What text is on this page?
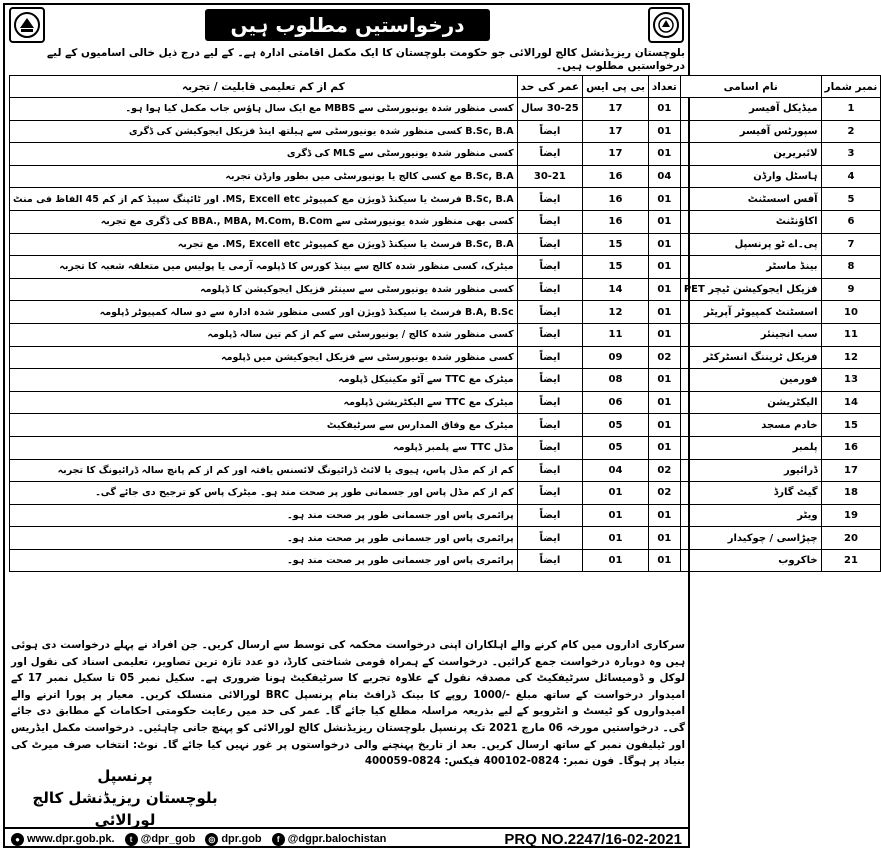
درخواستیں مطلوب ہیں
بلوچستان ریزیڈنشل کالج لورالائی جو حکومت بلوچستان کا ایک مکمل اقامتی ادارہ ہے۔ کے لیے درج ذیل خالی اسامیوں کے لیے درخواستیں مطلوب ہیں۔
نمبر شمار	نام اسامی	تعداد	بی پی ایس	عمر کی حد	کم از کم تعلیمی قابلیت / تجربہ
1	میڈیکل آفیسر	01	17	30-25 سال	کسی منظور شدہ یونیورسٹی سے MBBS مع ایک سال ہاؤس جاب مکمل کیا ہوا ہو۔
2	سپورٹس آفیسر	01	17	ایضاً	B.Sc, B.A کسی منظور شدہ یونیورسٹی سے ہیلتھ اینڈ فزیکل ایجوکیشن کی ڈگری
3	لائبریرین	01	17	ایضاً	کسی منظور شدہ یونیورسٹی سے MLS کی ڈگری
4	ہاسٹل وارڈن	04	16	30-21	B.Sc, B.A مع کسی کالج یا یونیورسٹی میں بطور وارڈن تجربہ
5	آفس اسسٹنٹ	01	16	ایضاً	B.Sc, B.A فرسٹ یا سیکنڈ ڈویژن مع کمپیوٹر MS, Excell etc. اور ٹائپنگ سپیڈ کم از کم 45 الفاظ فی منٹ
6	اکاؤنٹنٹ	01	16	ایضاً	کسی بھی منظور شدہ یونیورسٹی سے BBA., MBA, M.Com, B.Com کی ڈگری مع تجربہ
7	پی۔اے ٹو پرنسپل	01	15	ایضاً	B.Sc, B.A فرسٹ یا سیکنڈ ڈویژن مع کمپیوٹر MS, Excell etc. مع تجربہ
8	بینڈ ماسٹر	01	15	ایضاً	میٹرک، کسی منظور شدہ کالج سے بینڈ کورس کا ڈپلومہ آرمی یا پولیس میں متعلقہ شعبہ کا تجربہ
9	فزیکل ایجوکیشن ٹیچر PET	01	14	ایضاً	کسی منظور شدہ یونیورسٹی سے سینئر فزیکل ایجوکیشن کا ڈپلومہ
10	اسسٹنٹ کمپیوٹر آپریٹر	01	12	ایضاً	B.A, B.Sc فرسٹ یا سیکنڈ ڈویژن اور کسی منظور شدہ ادارہ سے دو سالہ کمپیوٹر ڈپلومہ
11	سب انجینئر	01	11	ایضاً	کسی منظور شدہ کالج / یونیورسٹی سے کم از کم تین سالہ ڈپلومہ
12	فزیکل ٹریننگ انسٹرکٹر	02	09	ایضاً	کسی منظور شدہ یونیورسٹی سے فزیکل ایجوکیشن میں ڈپلومہ
13	فورمین	01	08	ایضاً	میٹرک مع TTC سے آٹو مکینیکل ڈپلومہ
14	الیکٹریشن	01	06	ایضاً	میٹرک مع TTC سے الیکٹریشن ڈپلومہ
15	خادم مسجد	01	05	ایضاً	میٹرک مع وفاق المدارس سے سرٹیفکیٹ
16	پلمبر	01	05	ایضاً	مڈل TTC سے پلمبر ڈپلومہ
17	ڈرائیور	02	04	ایضاً	کم از کم مڈل پاس، ہیوی یا لائٹ ڈرائیونگ لائسنس یافتہ اور کم از کم پانچ سالہ ڈرائیونگ کا تجربہ
18	گیٹ گارڈ	02	01	ایضاً	کم از کم مڈل پاس اور جسمانی طور پر صحت مند ہو۔ میٹرک پاس کو ترجیح دی جائے گی۔
19	ویٹر	01	01	ایضاً	پرائمری پاس اور جسمانی طور پر صحت مند ہو۔
20	چپڑاسی / چوکیدار	01	01	ایضاً	پرائمری پاس اور جسمانی طور پر صحت مند ہو۔
21	خاکروب	01	01	ایضاً	پرائمری پاس اور جسمانی طور پر صحت مند ہو۔
سرکاری اداروں میں کام کرنے والے اہلکاران اپنی درخواست محکمہ کی توسط سے ارسال کریں۔ جن افراد نے پہلے درخواست دی ہوئی ہیں وہ دوبارہ درخواست جمع کرائیں۔ درخواست کے ہمراہ قومی شناختی کارڈ، دو عدد تازہ ترین تصاویر، تعلیمی اسناد کی نقول اور لوکل و ڈومیسائل سرٹیفکیٹ کی مصدقہ نقول کے علاوہ تجربے کا سرٹیفکیٹ ہونا ضروری ہے۔ سکیل نمبر 05 تا سکیل نمبر 17 کے امیدوار درخواست کے ساتھ مبلغ -/1000 روپے کا بینک ڈرافٹ بنام پرنسپل BRC لورالائی منسلک کریں۔ معیار پر پورا اترنے والے امیدواروں کو ٹیسٹ و انٹرویو کے لیے بذریعہ مراسلہ مطلع کیا جائے گا۔ عمر کی حد میں رعایت حکومتی احکامات کے مطابق دی جائے گی۔ درخواستیں مورخہ 06 مارچ 2021 تک پرنسپل بلوچستان ریزیڈنشل کالج لورالائی کو پہنچ جانی چاہئیں۔ درخواست مکمل ایڈریس اور ٹیلیفون نمبر کے ساتھ ارسال کریں۔ بعد از تاریخ پہنچنے والی درخواستوں پر غور نہیں کیا جائے گا۔ نوٹ: انتخاب صرف میرٹ کی بنیاد پر ہوگا۔ فون نمبر: 0824-400102 فیکس: 0824-400059
پرنسپل
بلوچستان ریزیڈنشل کالج لورالائی
● www.dpr.gob.pk.	t @dpr_gob	◎ dpr.gob	f @dgpr.balochistan	PRQ NO.2247/16-02-2021
